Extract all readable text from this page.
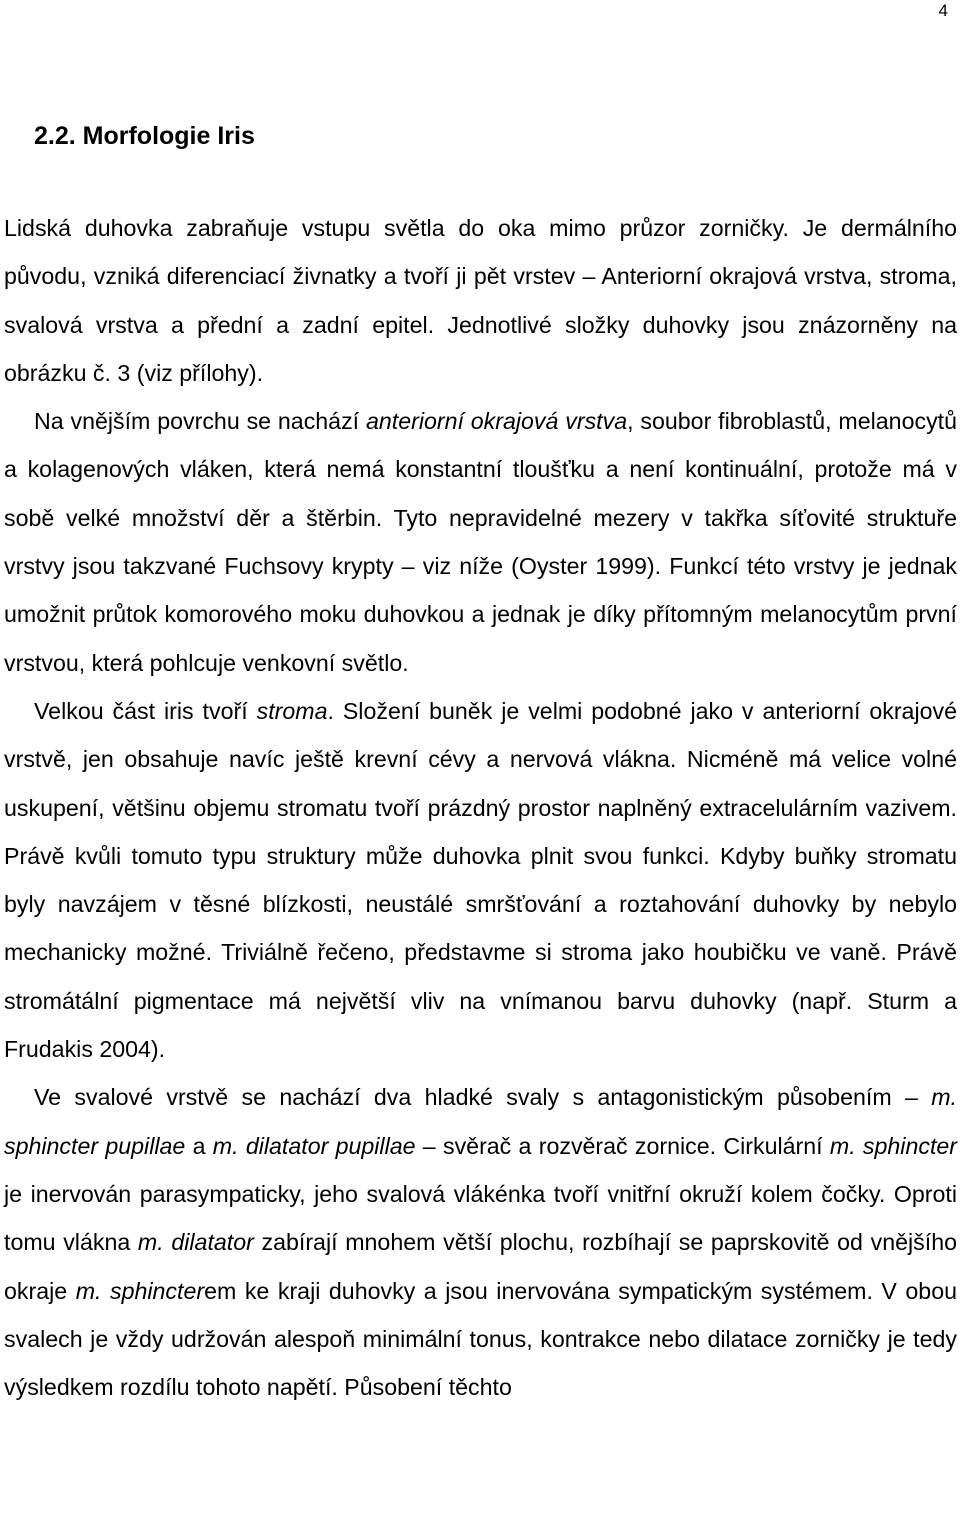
4
2.2. Morfologie Iris

Lidská duhovka zabraňuje vstupu světla do oka mimo průzor zorničky. Je dermálního původu, vzniká diferenciací živnatky a tvoří ji pět vrstev – Anteriorní okrajová vrstva, stroma, svalová vrstva a přední a zadní epitel. Jednotlivé složky duhovky jsou znázorněny na obrázku č. 3 (viz přílohy).

Na vnějším povrchu se nachází anteriorní okrajová vrstva, soubor fibroblastů, melanocytů a kolagenových vláken, která nemá konstantní tloušťku a není kontinuální, protože má v sobě velké množství děr a štěrbin. Tyto nepravidelné mezery v takřka síťovité struktuře vrstvy jsou takzvané Fuchsovy krypty – viz níže (Oyster 1999). Funkcí této vrstvy je jednak umožnit průtok komorového moku duhovkou a jednak je díky přítomným melanocytům první vrstvou, která pohlcuje venkovní světlo.

Velkou část iris tvoří stroma. Složení buněk je velmi podobné jako v anteriorní okrajové vrstvě, jen obsahuje navíc ještě krevní cévy a nervová vlákna. Nicméně má velice volné uskupení, většinu objemu stromatu tvoří prázdný prostor naplněný extracelulárním vazivem. Právě kvůli tomuto typu struktury může duhovka plnit svou funkci. Kdyby buňky stromatu byly navzájem v těsné blízkosti, neustálé smršťování a roztahování duhovky by nebylo mechanicky možné. Triviálně řečeno, představme si stroma jako houbičku ve vaně. Právě stromátální pigmentace má největší vliv na vnímanou barvu duhovky (např. Sturm a Frudakis 2004).

Ve svalové vrstvě se nachází dva hladké svaly s antagonistickým působením – m. sphincter pupillae a m. dilatator pupillae – svěrač a rozvěrač zornice. Cirkulární m. sphincter je inervován parasympaticky, jeho svalová vlákénka tvoří vnitřní okruží kolem čočky. Oproti tomu vlákna m. dilatator zabírají mnohem větší plochu, rozbíhají se paprskovitě od vnějšího okraje m. sphincterem ke kraji duhovky a jsou inervována sympatickým systémem. V obou svalech je vždy udržován alespoň minimální tonus, kontrakce nebo dilatace zorničky je tedy výsledkem rozdílu tohoto napětí. Působení těchto
